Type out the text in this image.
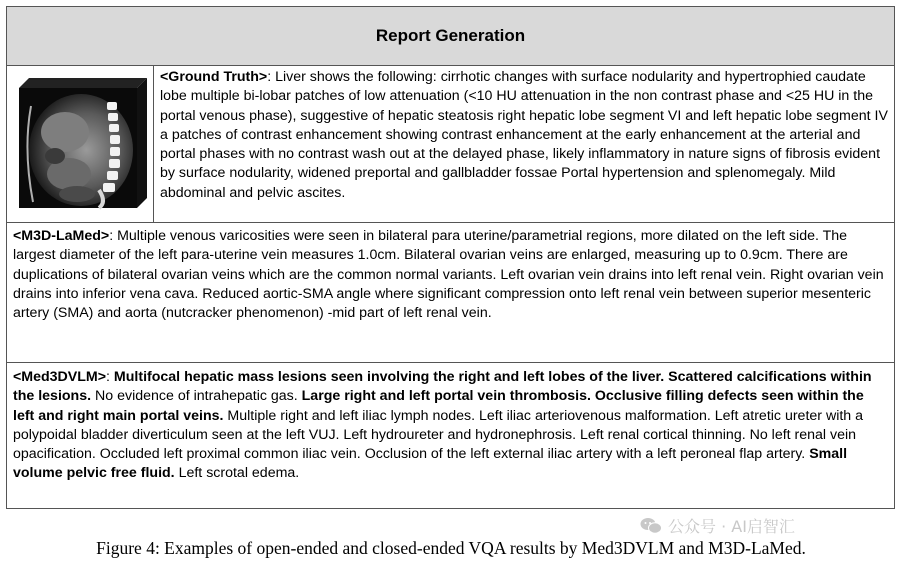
Report Generation
<Ground Truth>: Liver shows the following: cirrhotic changes with surface nodularity and hypertrophied caudate lobe multiple bi-lobar patches of low attenuation (<10 HU attenuation in the non contrast phase and <25 HU in the portal venous phase), suggestive of hepatic steatosis right hepatic lobe segment VI and left hepatic lobe segment IV a patches of contrast enhancement showing contrast enhancement at the early enhancement at the arterial and portal phases with no contrast wash out at the delayed phase, likely inflammatory in nature signs of fibrosis evident by surface nodularity, widened preportal and gallbladder fossae Portal hypertension and splenomegaly. Mild abdominal and pelvic ascites.
<M3D-LaMed>: Multiple venous varicosities were seen in bilateral para uterine/parametrial regions, more dilated on the left side. The largest diameter of the left para-uterine vein measures 1.0cm. Bilateral ovarian veins are enlarged, measuring up to 0.9cm. There are duplications of bilateral ovarian veins which are the common normal variants. Left ovarian vein drains into left renal vein. Right ovarian vein drains into inferior vena cava. Reduced aortic-SMA angle where significant compression onto left renal vein between superior mesenteric artery (SMA) and aorta (nutcracker phenomenon) -mid part of left renal vein.
<Med3DVLM>: Multifocal hepatic mass lesions seen involving the right and left lobes of the liver. Scattered calcifications within the lesions. No evidence of intrahepatic gas. Large right and left portal vein thrombosis. Occlusive filling defects seen within the left and right main portal veins. Multiple right and left iliac lymph nodes. Left iliac arteriovenous malformation. Left atretic ureter with a polypoidal bladder diverticulum seen at the left VUJ. Left hydroureter and hydronephrosis. Left renal cortical thinning. No left renal vein opacification. Occluded left proximal common iliac vein. Occlusion of the left external iliac artery with a left peroneal flap artery. Small volume pelvic free fluid. Left scrotal edema.
公众号 · AI启智汇
Figure 4: Examples of open-ended and closed-ended VQA results by Med3DVLM and M3D-LaMed.
